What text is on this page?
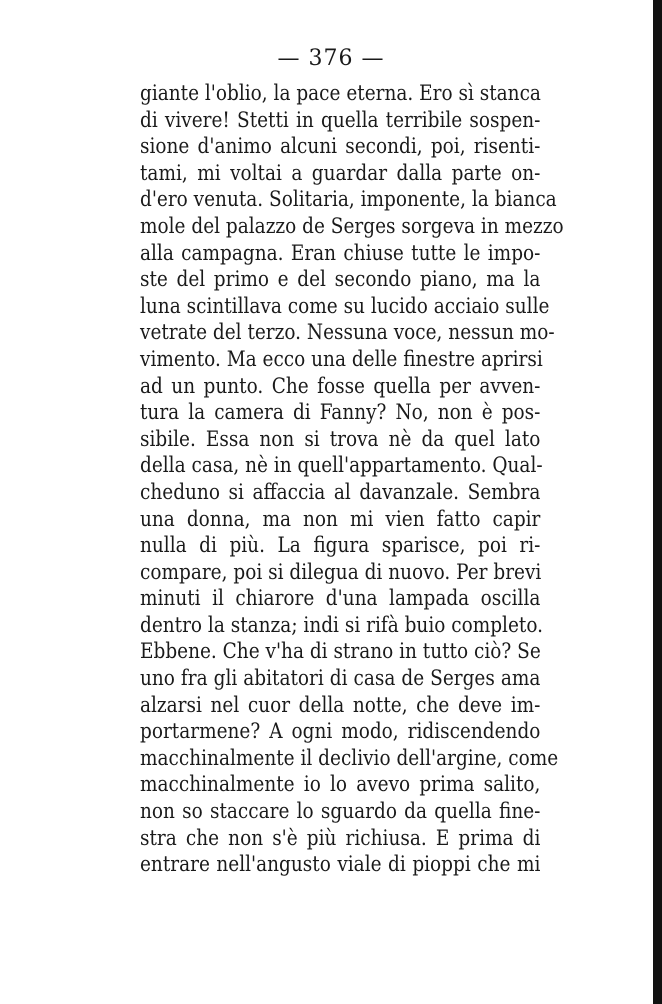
— 376 —
giante l'oblio, la pace eterna. Ero sì stanca
di vivere! Stetti in quella terribile sospen-
sione d'animo alcuni secondi, poi, risenti-
tami, mi voltai a guardar dalla parte on-
d'ero venuta. Solitaria, imponente, la bianca
mole del palazzo de Serges sorgeva in mezzo
alla campagna. Eran chiuse tutte le impo-
ste del primo e del secondo piano, ma la
luna scintillava come su lucido acciaio sulle
vetrate del terzo. Nessuna voce, nessun mo-
vimento. Ma ecco una delle finestre aprirsi
ad un punto. Che fosse quella per avven-
tura la camera di Fanny? No, non è pos-
sibile. Essa non si trova nè da quel lato
della casa, nè in quell'appartamento. Qual-
cheduno si affaccia al davanzale. Sembra
una donna, ma non mi vien fatto capir
nulla di più. La figura sparisce, poi ri-
compare, poi si dilegua di nuovo. Per brevi
minuti il chiarore d'una lampada oscilla
dentro la stanza; indi si rifà buio completo.
Ebbene. Che v'ha di strano in tutto ciò? Se
uno fra gli abitatori di casa de Serges ama
alzarsi nel cuor della notte, che deve im-
portarmene? A ogni modo, ridiscendendo
macchinalmente il declivio dell'argine, come
macchinalmente io lo avevo prima salito,
non so staccare lo sguardo da quella fine-
stra che non s'è più richiusa. E prima di
entrare nell'angusto viale di pioppi che mi
